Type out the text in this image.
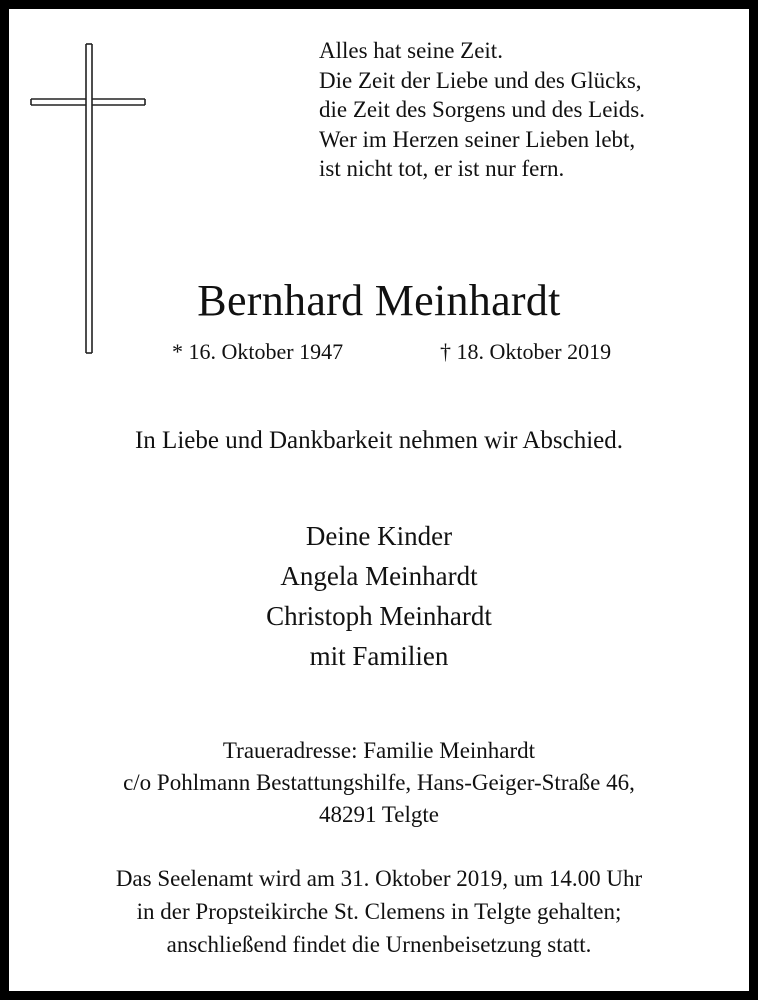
Alles hat seine Zeit.
Die Zeit der Liebe und des Glücks,
die Zeit des Sorgens und des Leids.
Wer im Herzen seiner Lieben lebt,
ist nicht tot, er ist nur fern.
Bernhard Meinhardt
* 16. Oktober 1947	† 18. Oktober 2019
In Liebe und Dankbarkeit nehmen wir Abschied.
Deine Kinder
Angela Meinhardt
Christoph Meinhardt
mit Familien
Traueradresse: Familie Meinhardt
c/o Pohlmann Bestattungshilfe, Hans-Geiger-Straße 46,
48291 Telgte
Das Seelenamt wird am 31. Oktober 2019, um 14.00 Uhr
in der Propsteikirche St. Clemens in Telgte gehalten;
anschließend findet die Urnenbeisetzung statt.
